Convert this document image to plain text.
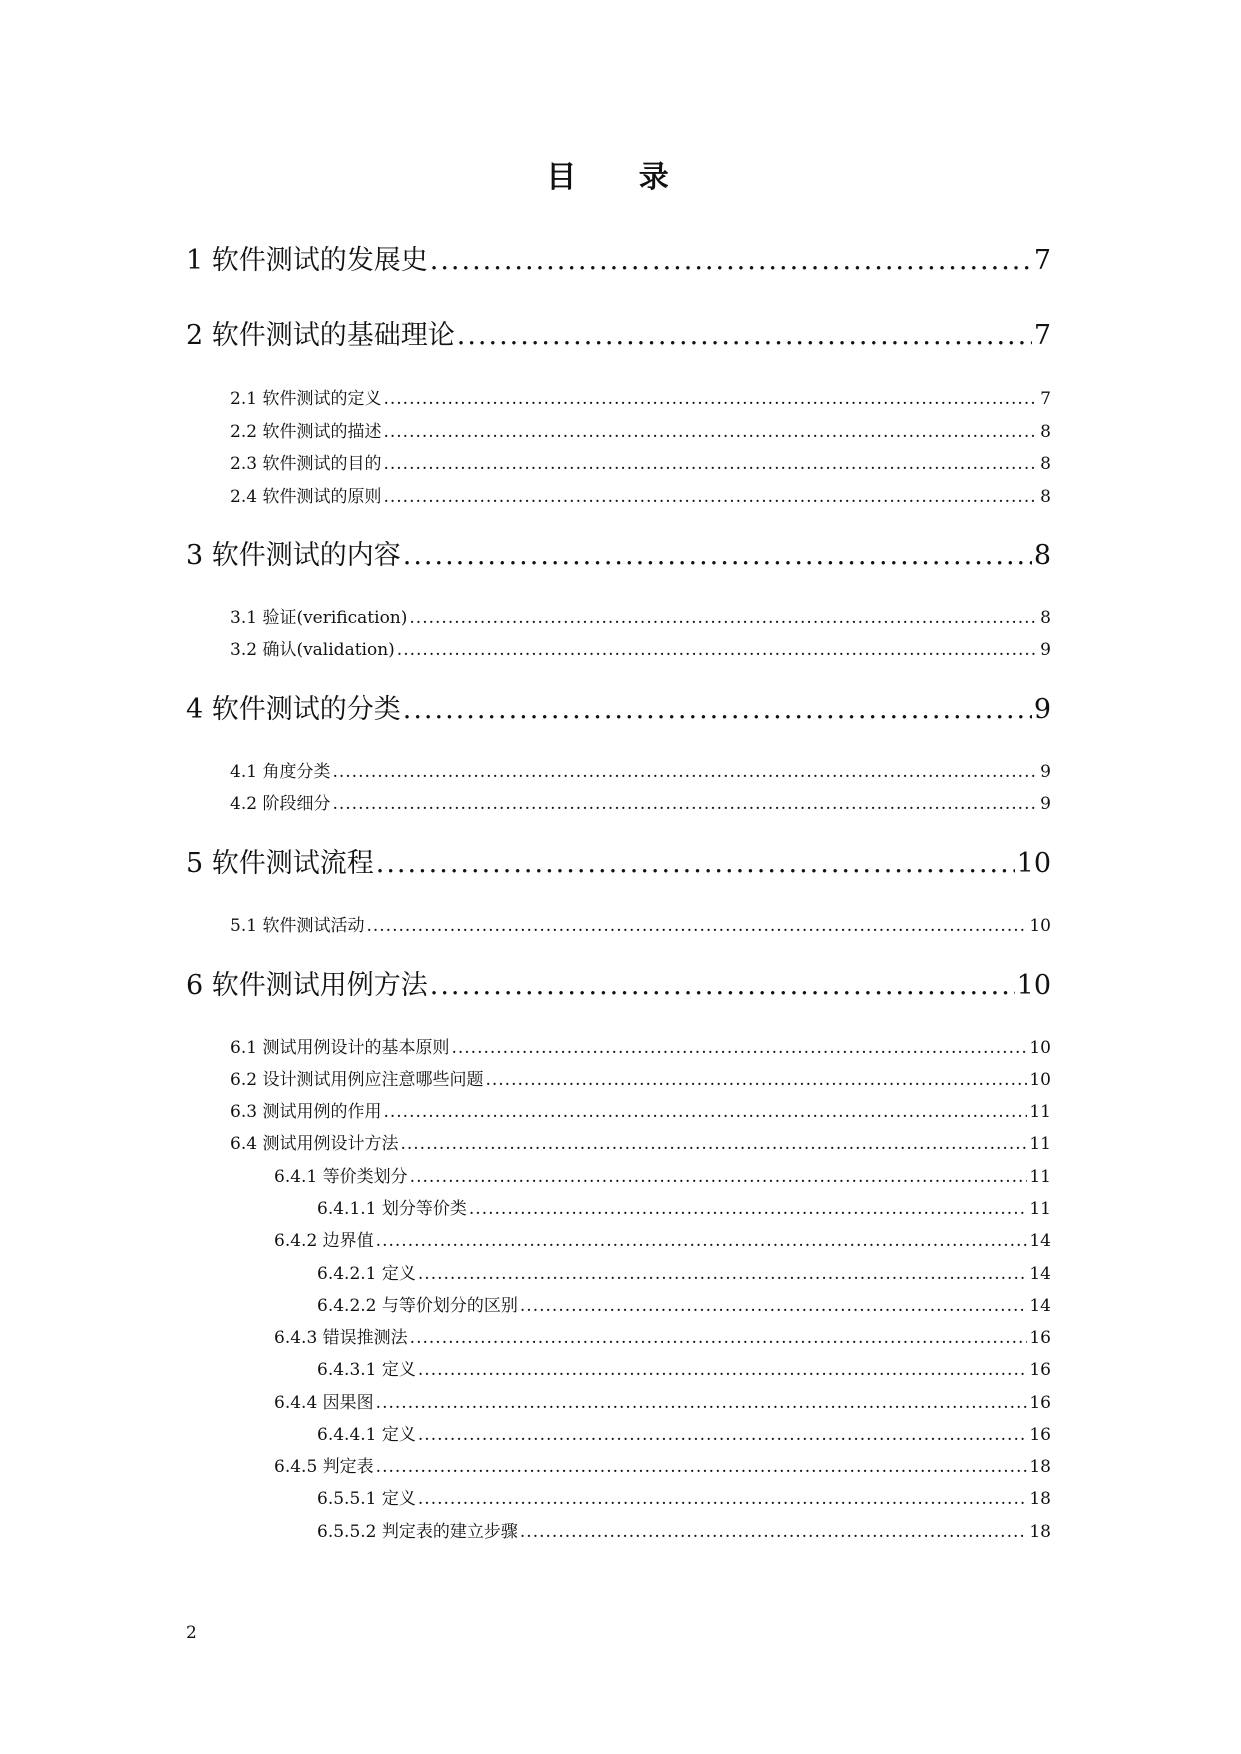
目 录
1 软件测试的发展史 .....	7
2 软件测试的基础理论 .....	7
2.1 软件测试的定义 .....	7
2.2 软件测试的描述 .....	8
2.3 软件测试的目的 .....	8
2.4 软件测试的原则 .....	8
3 软件测试的内容 .....	8
3.1 验证(verification) .....	8
3.2 确认(validation) .....	9
4 软件测试的分类 .....	9
4.1 角度分类 .....	9
4.2 阶段细分 .....	9
5 软件测试流程 .....	10
5.1 软件测试活动 .....	10
6 软件测试用例方法 .....	10
6.1 测试用例设计的基本原则 .....	10
6.2 设计测试用例应注意哪些问题 .....	10
6.3 测试用例的作用 .....	11
6.4 测试用例设计方法 .....	11
6.4.1 等价类划分 .....	11
6.4.1.1 划分等价类 .....	11
6.4.2 边界值 .....	14
6.4.2.1 定义 .....	14
6.4.2.2 与等价划分的区别 .....	14
6.4.3 错误推测法 .....	16
6.4.3.1 定义 .....	16
6.4.4 因果图 .....	16
6.4.4.1 定义 .....	16
6.4.5 判定表 .....	18
6.5.5.1 定义 .....	18
6.5.5.2 判定表的建立步骤 .....	18
2
